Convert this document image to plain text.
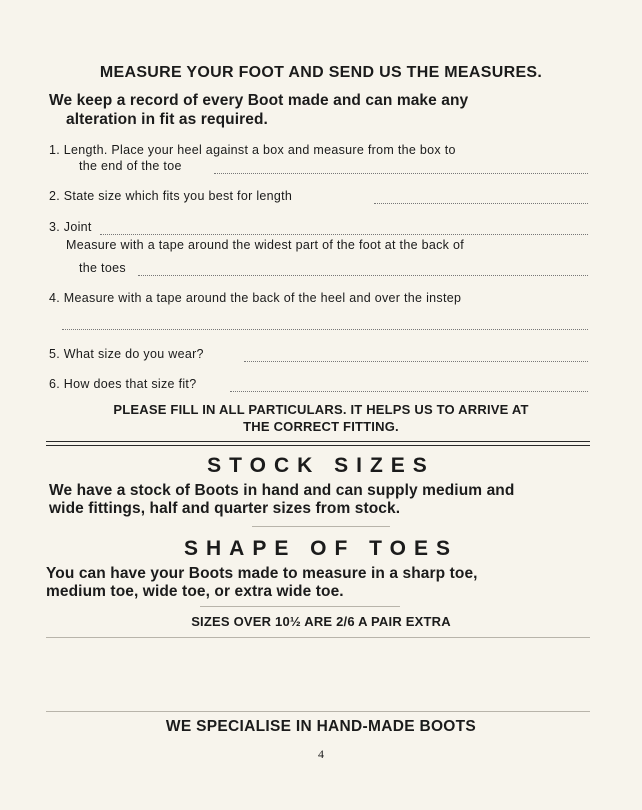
MEASURE YOUR FOOT AND SEND US THE MEASURES.
We keep a record of every Boot made and can make any
alteration in fit as required.
1. Length. Place your heel against a box and measure from the box to
the end of the toe
2. State size which fits you best for length
3. Joint
Measure with a tape around the widest part of the foot at the back of
the toes
4. Measure with a tape around the back of the heel and over the instep
5. What size do you wear?
6. How does that size fit?
PLEASE FILL IN ALL PARTICULARS. IT HELPS US TO ARRIVE AT
THE CORRECT FITTING.
STOCK SIZES
We have a stock of Boots in hand and can supply medium and
wide fittings, half and quarter sizes from stock.
SHAPE OF TOES
You can have your Boots made to measure in a sharp toe,
medium toe, wide toe, or extra wide toe.
SIZES OVER 10½ ARE 2/6 A PAIR EXTRA
WE SPECIALISE IN HAND-MADE BOOTS
4
